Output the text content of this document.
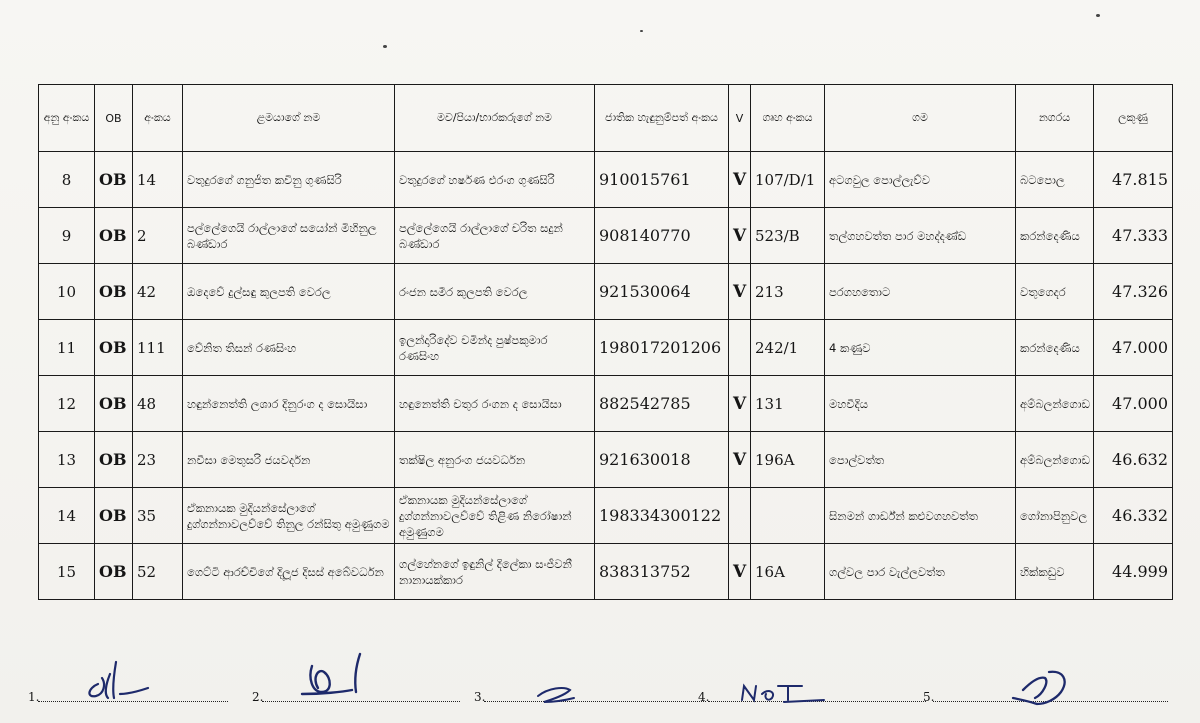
අනු අංකය	OB	අංකය	ළමයාගේ නම	මව/පියා/භාරකරුගේ නම	ජාතික හැඳුනුම්පත් අංකය	V	ගෘහ අංකය	ගම	නගරය	ලකුණු
8	OB	14	වතුදුරගේ ගනුජිත කවිනු ගුණසිරි	වතුදුරගේ හර්ෂණ එරංග ගුණසිරි	910015761	V	107/D/1	අටගවුල පොල්ලැව්ව	බටපොල	47.815
9	OB	2	පල්ලේගෙයි රාල්ලාගේ සයෝන් මිහිනුල බණ්ඩාර	පල්ලේගෙයි රාල්ලාගේ චරිත සදුන් බණ්ඩාර	908140770	V	523/B	තල්ගහවත්ත පාර මහද්දණ්ඩ	කරන්දෙණිය	47.333
10	OB	42	ඔදෙවේ දුල්සඳු කුලපති වෙරල	රංජන සමීර කුලපති වෙරල	921530064	V	213	පරගහතොට	වතුගෙදර	47.326
11	OB	111	වේනිත තිසන් රණසිංහ	ඉලන්දාරිදේව චමින්ද පුෂ්පකුමාර රණසිංහ	198017201206		242/1	4 කණුව	කරන්දෙණිය	47.000
12	OB	48	හඳුන්නෙත්ති ලශාර දිනුරංග ද සොයිසා	හඳුනෙත්ති චතුර රංගන ද සොයිසා	882542785	V	131	මහවීදිය	අම්බලන්ගොඩ	47.000
13	OB	23	නවීසා මෙතුසරි ජයවර්දන	තක්ෂිල අනුරංග ජයවර්ධන	921630018	V	196A	පොල්වත්ත	අම්බලන්ගොඩ	46.632
14	OB	35	ඒකනායක මුදියන්සේලාගේ දුග්ගන්නාවලව්වේ තිනුල රන්සිතු අමුණුගම	ඒකනායක මුදියන්සේලාගේ දුග්ගන්නාවලව්වේ තිළිණ නිරෝෂාන් අමුණුගම	198334300122			සිනමන් ගාර්ඩ්න් කළුවගහවත්ත	ගෝනාපිනුවල	46.332
15	OB	52	ගෙට්ටි ආරච්චිගේ දිලූජ දිසස් අබේවර්ධන	ගල්හේනගේ ඉඳුනිල් දිලේකා සංජීවනී නානායක්කාර	838313752	V	16A	ගල්වල පාර වැල්ලවත්ත	හික්කඩුව	44.999
1.	2.	3.	4.	5.
